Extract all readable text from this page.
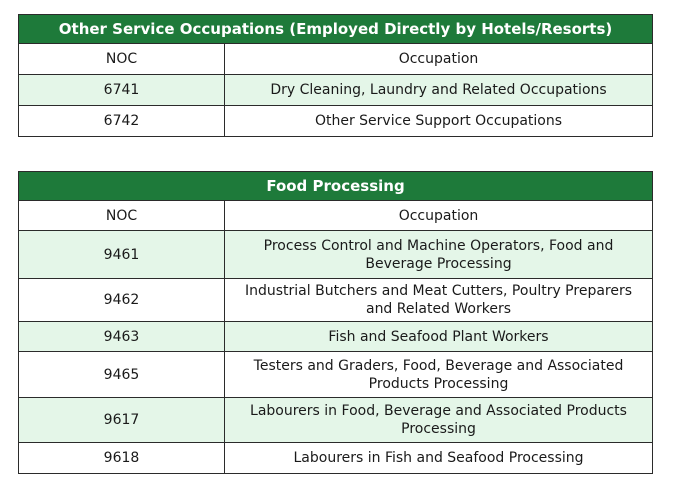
Other Service Occupations (Employed Directly by Hotels/Resorts)	
NOC	Occupation
6741	Dry Cleaning, Laundry and Related Occupations
6742	Other Service Support Occupations
Food Processing	
NOC	Occupation
9461	Process Control and Machine Operators, Food and Beverage Processing
9462	Industrial Butchers and Meat Cutters, Poultry Preparers and Related Workers
9463	Fish and Seafood Plant Workers
9465	Testers and Graders, Food, Beverage and Associated Products Processing
9617	Labourers in Food, Beverage and Associated Products Processing
9618	Labourers in Fish and Seafood Processing
